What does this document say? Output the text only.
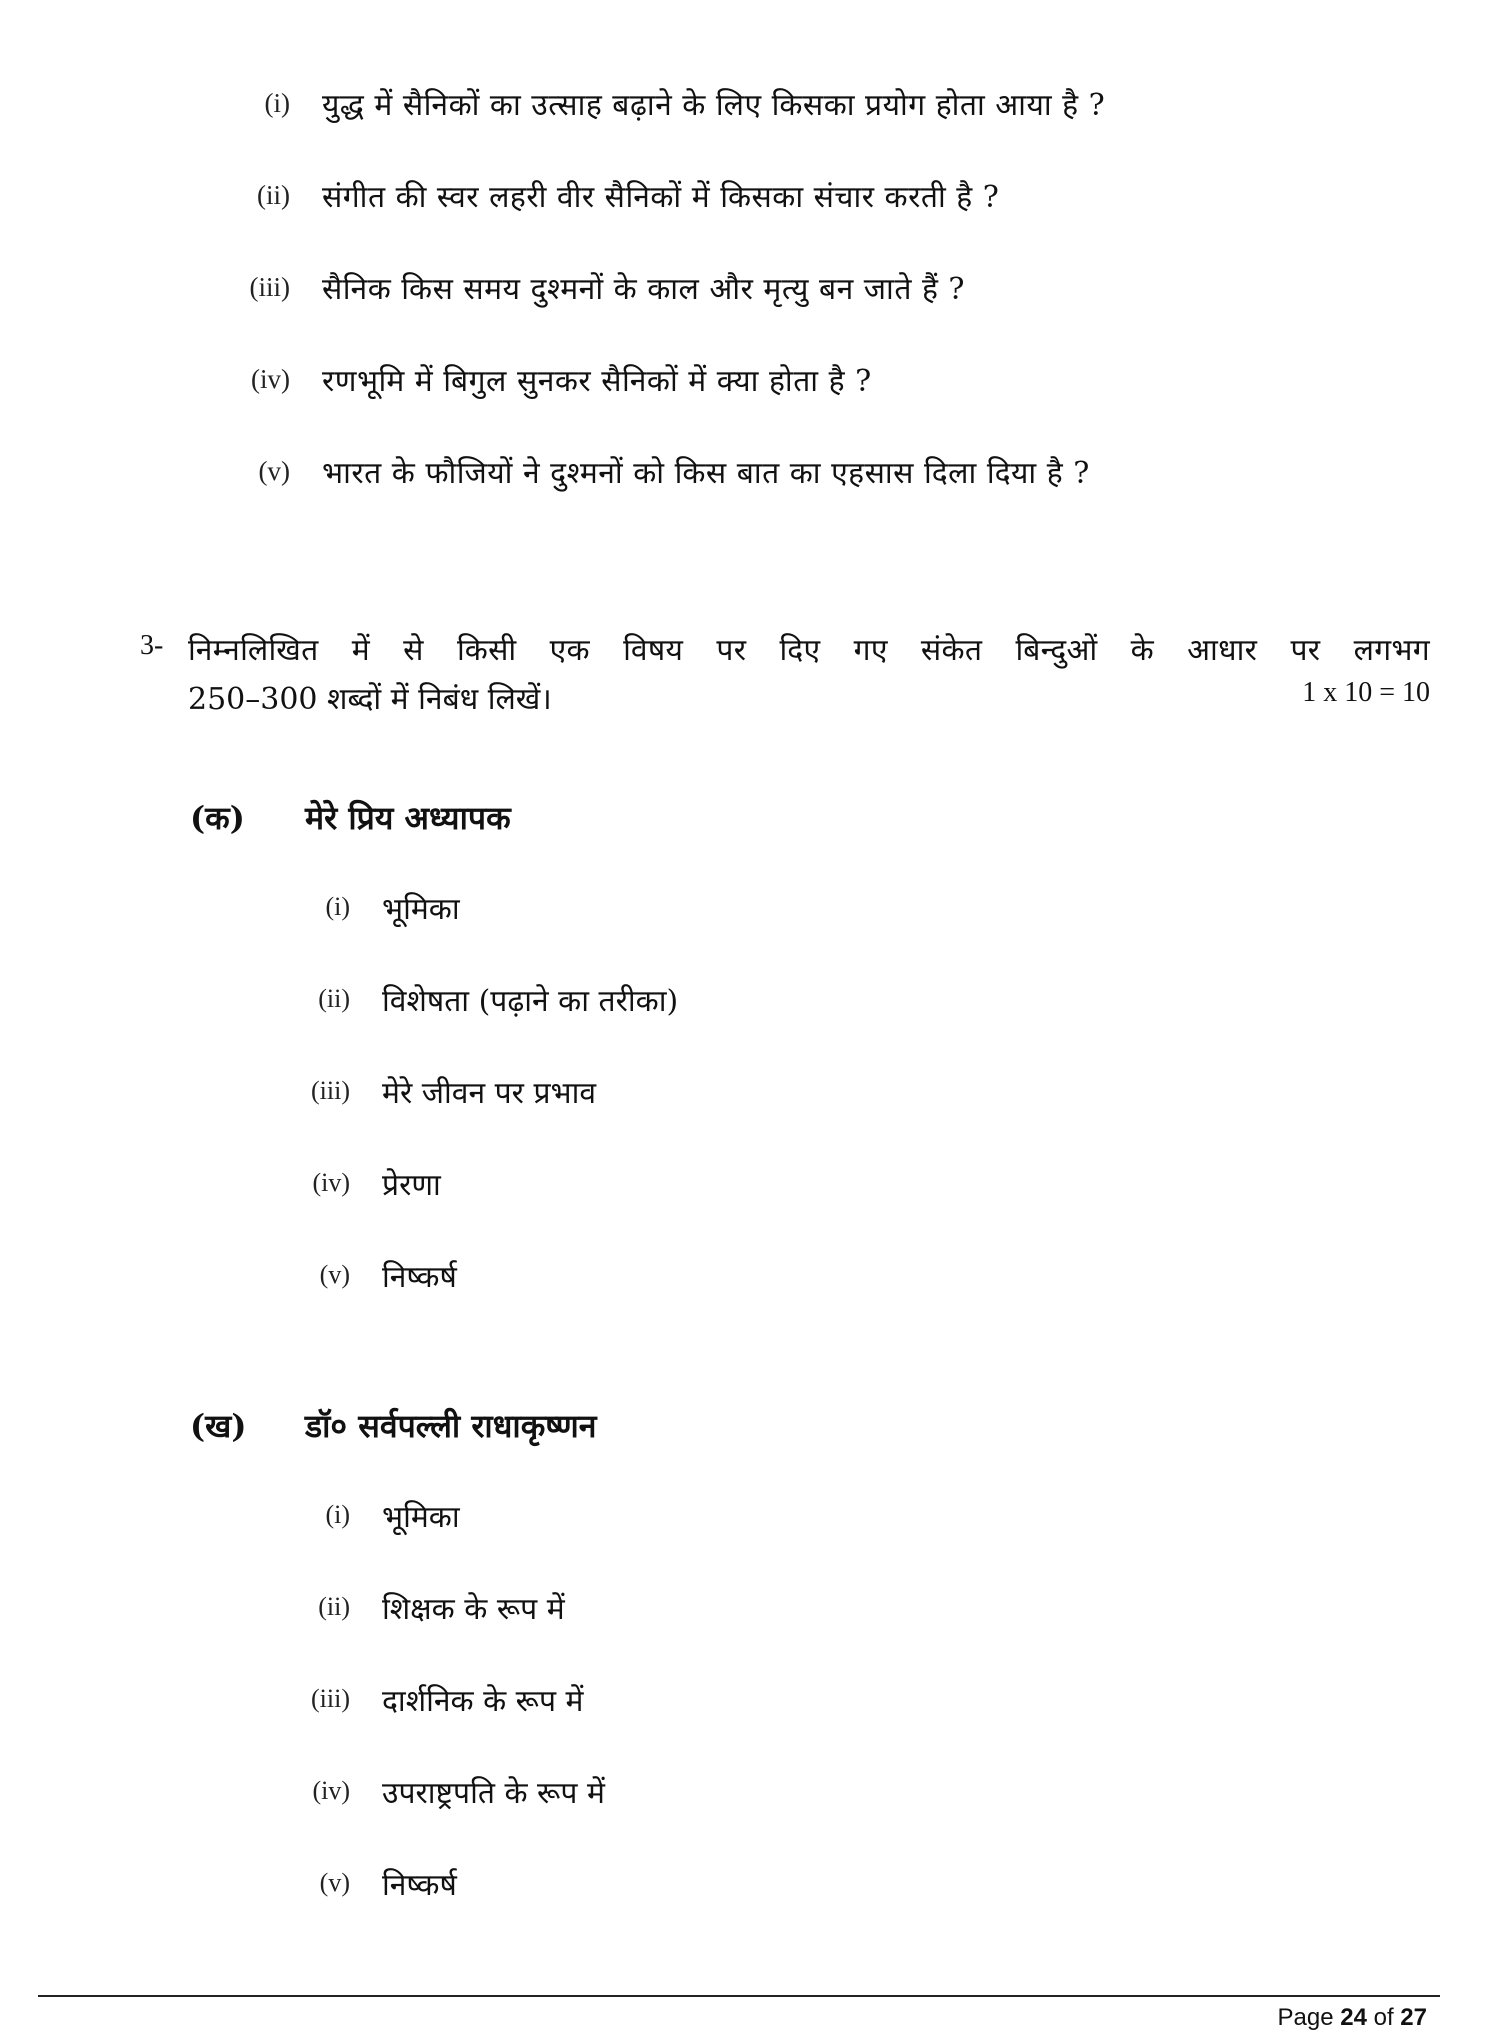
(i)	युद्ध में सैनिकों का उत्साह बढ़ाने के लिए किसका प्रयोग होता आया है ?
(ii)	संगीत की स्वर लहरी वीर सैनिकों में किसका संचार करती है ?
(iii)	सैनिक किस समय दुश्मनों के काल और मृत्यु बन जाते हैं ?
(iv)	रणभूमि में बिगुल सुनकर सैनिकों में क्या होता है ?
(v)	भारत के फौजियों ने दुश्मनों को किस बात का एहसास दिला दिया है ?
3- निम्नलिखित में से किसी एक विषय पर दिए गए संकेत बिन्दुओं के आधार पर लगभग
250–300 शब्दों में निबंध लिखें।	1 x 10 = 10
(क)	मेरे प्रिय अध्यापक
(i)	भूमिका
(ii)	विशेषता (पढ़ाने का तरीका)
(iii)	मेरे जीवन पर प्रभाव
(iv)	प्रेरणा
(v)	निष्कर्ष
(ख)	डॉ० सर्वपल्ली राधाकृष्णन
(i)	भूमिका
(ii)	शिक्षक के रूप में
(iii)	दार्शनिक के रूप में
(iv)	उपराष्ट्रपति के रूप में
(v)	निष्कर्ष
Page 24 of 27
